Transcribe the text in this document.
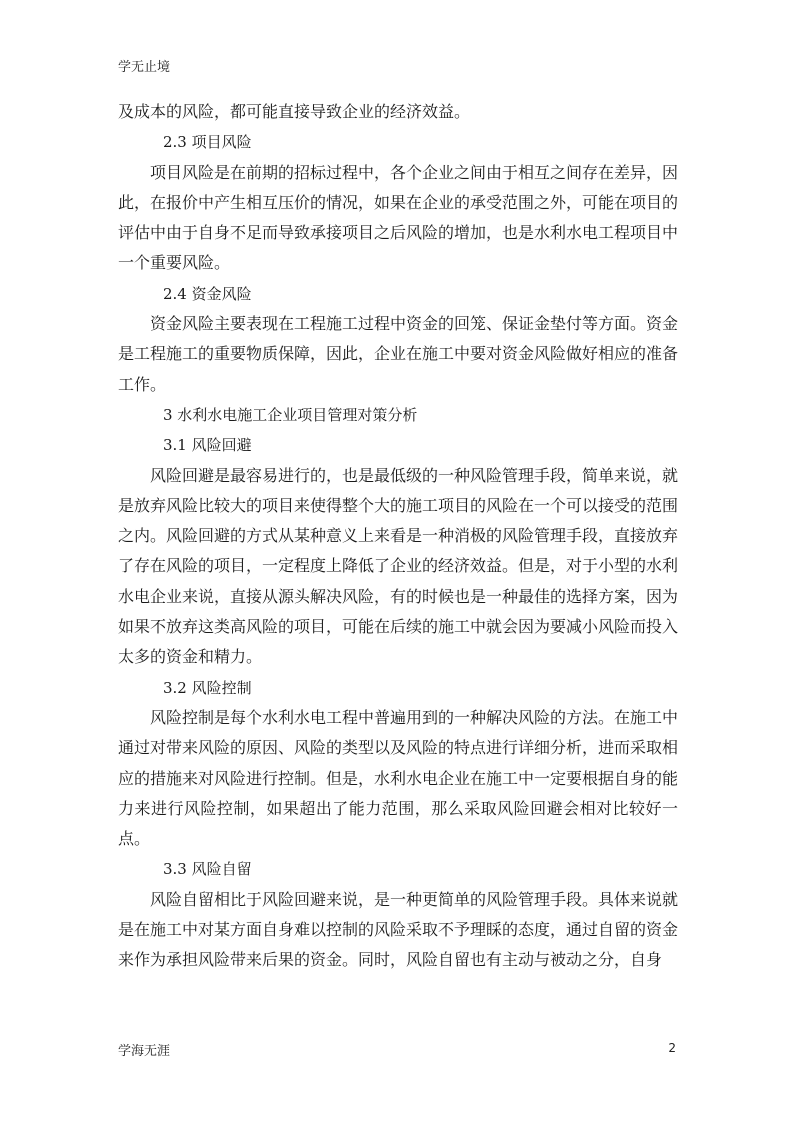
学无止境

及成本的风险，都可能直接导致企业的经济效益。

2.3 项目风险

项目风险是在前期的招标过程中，各个企业之间由于相互之间存在差异，因此，在报价中产生相互压价的情况，如果在企业的承受范围之外，可能在项目的评估中由于自身不足而导致承接项目之后风险的增加，也是水利水电工程项目中一个重要风险。

2.4 资金风险

资金风险主要表现在工程施工过程中资金的回笼、保证金垫付等方面。资金是工程施工的重要物质保障，因此，企业在施工中要对资金风险做好相应的准备工作。

3 水利水电施工企业项目管理对策分析

3.1 风险回避

风险回避是最容易进行的，也是最低级的一种风险管理手段，简单来说，就是放弃风险比较大的项目来使得整个大的施工项目的风险在一个可以接受的范围之内。风险回避的方式从某种意义上来看是一种消极的风险管理手段，直接放弃了存在风险的项目，一定程度上降低了企业的经济效益。但是，对于小型的水利水电企业来说，直接从源头解决风险，有的时候也是一种最佳的选择方案，因为如果不放弃这类高风险的项目，可能在后续的施工中就会因为要减小风险而投入太多的资金和精力。

3.2 风险控制

风险控制是每个水利水电工程中普遍用到的一种解决风险的方法。在施工中通过对带来风险的原因、风险的类型以及风险的特点进行详细分析，进而采取相应的措施来对风险进行控制。但是，水利水电企业在施工中一定要根据自身的能力来进行风险控制，如果超出了能力范围，那么采取风险回避会相对比较好一点。

3.3 风险自留

风险自留相比于风险回避来说，是一种更简单的风险管理手段。具体来说就是在施工中对某方面自身难以控制的风险采取不予理睬的态度，通过自留的资金来作为承担风险带来后果的资金。同时，风险自留也有主动与被动之分，自身

学海无涯	2
